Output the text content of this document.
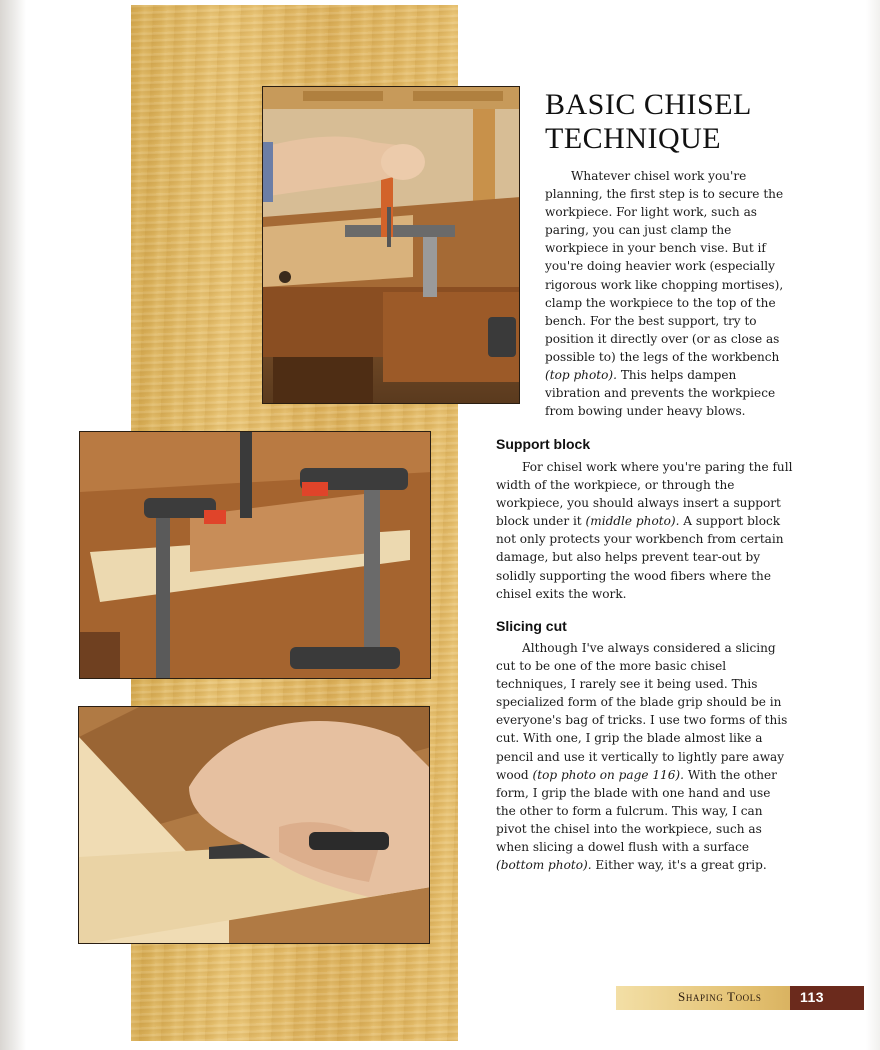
BASIC CHISEL
TECHNIQUE

Whatever chisel work you're planning, the first step is to secure the workpiece. For light work, such as paring, you can just clamp the workpiece in your bench vise. But if you're doing heavier work (especially rigorous work like chopping mortises), clamp the workpiece to the top of the bench. For the best support, try to position it directly over (or as close as possible to) the legs of the workbench (top photo). This helps dampen vibration and prevents the workpiece from bowing under heavy blows.

Support block

For chisel work where you're paring the full width of the workpiece, or through the workpiece, you should always insert a support block under it (middle photo). A support block not only protects your workbench from certain damage, but also helps prevent tear-out by solidly supporting the wood fibers where the chisel exits the work.

Slicing cut

Although I've always considered a slicing cut to be one of the more basic chisel techniques, I rarely see it being used. This specialized form of the blade grip should be in everyone's bag of tricks. I use two forms of this cut. With one, I grip the blade almost like a pencil and use it vertically to lightly pare away wood (top photo on page 116). With the other form, I grip the blade with one hand and use the other to form a fulcrum. This way, I can pivot the chisel into the workpiece, such as when slicing a dowel flush with a surface (bottom photo). Either way, it's a great grip.

Shaping Tools	113
